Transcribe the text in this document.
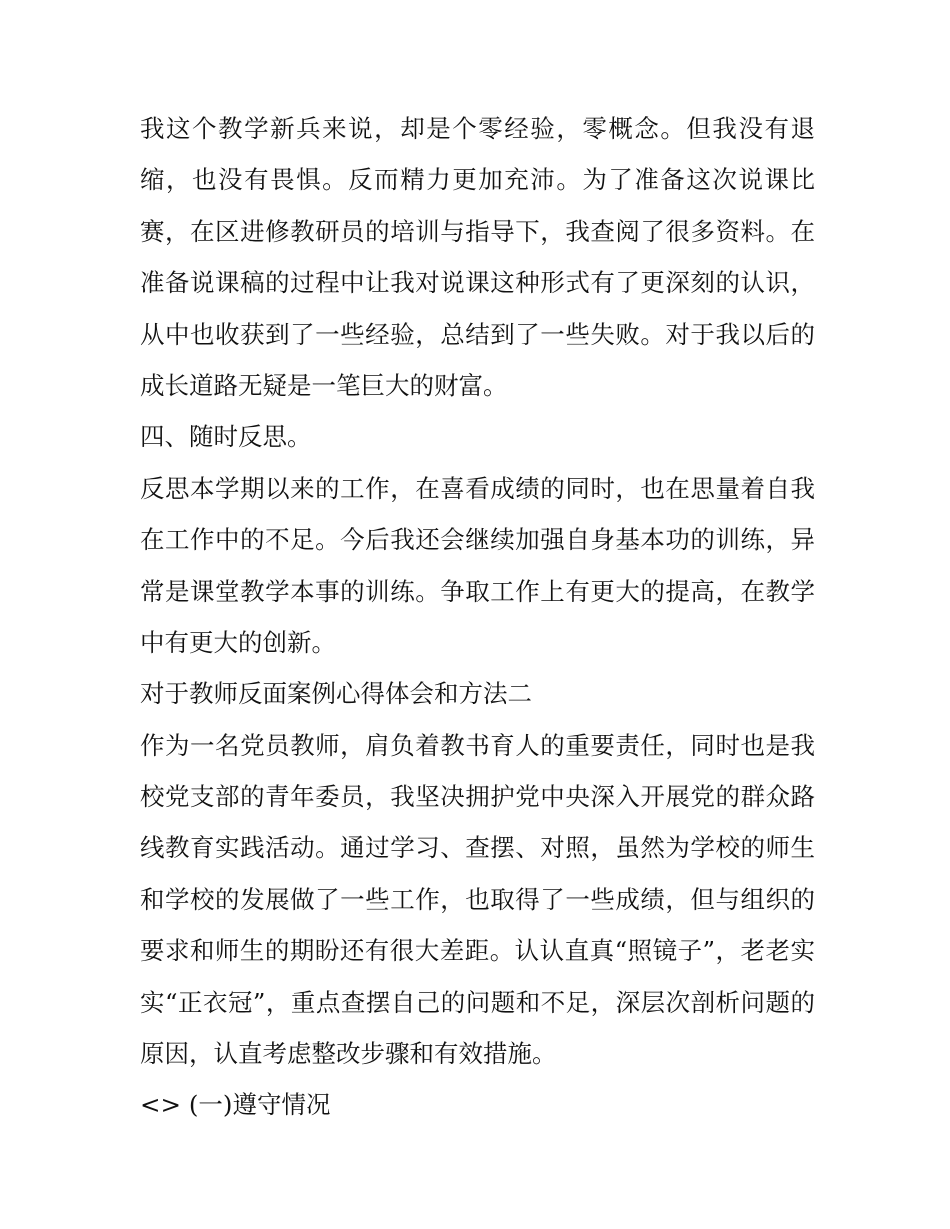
我这个教学新兵来说，却是个零经验，零概念。但我没有退
缩，也没有畏惧。反而精力更加充沛。为了准备这次说课比
赛，在区进修教研员的培训与指导下，我查阅了很多资料。在
准备说课稿的过程中让我对说课这种形式有了更深刻的认识，
从中也收获到了一些经验，总结到了一些失败。对于我以后的
成长道路无疑是一笔巨大的财富。
四、随时反思。
反思本学期以来的工作，在喜看成绩的同时，也在思量着自我
在工作中的不足。今后我还会继续加强自身基本功的训练，异
常是课堂教学本事的训练。争取工作上有更大的提高，在教学
中有更大的创新。
对于教师反面案例心得体会和方法二
作为一名党员教师，肩负着教书育人的重要责任，同时也是我
校党支部的青年委员，我坚决拥护党中央深入开展党的群众路
线教育实践活动。通过学习、查摆、对照，虽然为学校的师生
和学校的发展做了一些工作，也取得了一些成绩，但与组织的
要求和师生的期盼还有很大差距。认认直真“照镜子”，老老实
实“正衣冠”，重点查摆自己的问题和不足，深层次剖析问题的
原因，认直考虑整改步骤和有效措施。
<> (一)遵守情况
